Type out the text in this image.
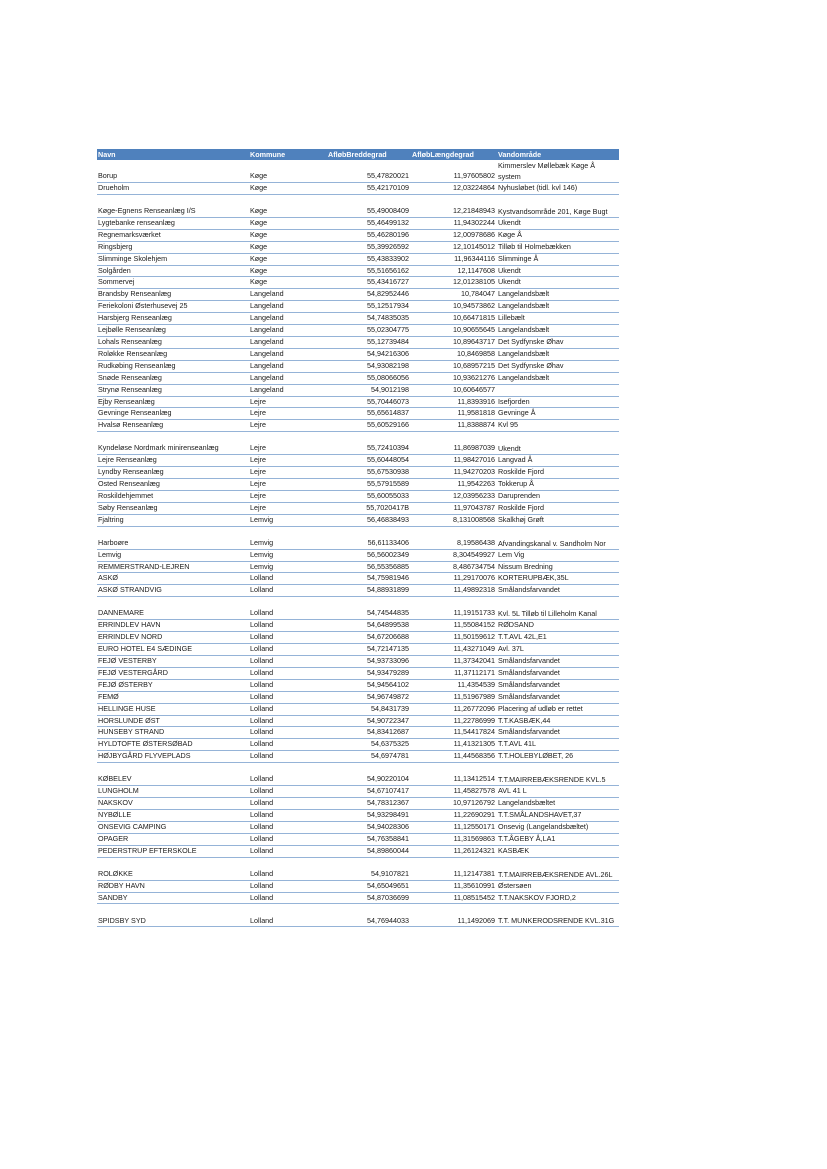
Navn	Kommune	AfløbBreddegrad	AfløbLængdegrad	Vandområde
Borup	Køge	55,47820021	11,97605802	Kimmerslev Møllebæk Køge Å system
Drueholm	Køge	55,42170109	12,03224864	Nyhusløbet (tidl. kvl 146)
Køge-Egnens Renseanlæg I/S	Køge	55,49008409	12,21848943	Kystvandsområde 201, Køge Bugt
Lygtebanke renseanlæg	Køge	55,46499132	11,94302244	Ukendt
Regnemarksværket	Køge	55,46280196	12,00978686	Køge Å
Ringsbjerg	Køge	55,39926592	12,10145012	Tilløb til Holmebækken
Slimminge Skolehjem	Køge	55,43833902	11,96344116	Slimminge Å
Solgården	Køge	55,51656162	12,1147608	Ukendt
Sommervej	Køge	55,43416727	12,01238105	Ukendt
Brandsby Renseanlæg	Langeland	54,82952446	10,784047	Langelandsbælt
Feriekoloni Østerhusevej 25	Langeland	55,12517934	10,94573862	Langelandsbælt
Harsbjerg Renseanlæg	Langeland	54,74835035	10,66471815	Lillebælt
Lejbølle Renseanlæg	Langeland	55,02304775	10,90655645	Langelandsbælt
Lohals Renseanlæg	Langeland	55,12739484	10,89643717	Det Sydfynske Øhav
Roløkke Renseanlæg	Langeland	54,94216306	10,8469858	Langelandsbælt
Rudkøbing Renseanlæg	Langeland	54,93082198	10,68957215	Det Sydfynske Øhav
Snøde Renseanlæg	Langeland	55,08066056	10,93621276	Langelandsbælt
Strynø Renseanlæg	Langeland	54,9012198	10,60646577	
Ejby Renseanlæg	Lejre	55,70446073	11,8393916	Isefjorden
Gevninge Renseanlæg	Lejre	55,65614837	11,9581818	Gevninge Å
Hvalsø Renseanlæg	Lejre	55,60529166	11,8388874	Kvl 95
Kyndeløse Nordmark minirenseanlæg	Lejre	55,72410394	11,86987039	Ukendt
Lejre Renseanlæg	Lejre	55,60448054	11,98427016	Langvad Å
Lyndby Renseanlæg	Lejre	55,67530938	11,94270203	Roskilde Fjord
Osted Renseanlæg	Lejre	55,57915589	11,9542263	Tokkerup Å
Roskildehjemmet	Lejre	55,60055033	12,03956233	Daruprenden
Søby Renseanlæg	Lejre	55,7020417B	11,97043787	Roskilde Fjord
Fjaltring	Lemvig	56,46838493	8,131008568	Skalkhøj Grøft
Harboøre	Lemvig	56,61133406	8,19586438	Afvandingskanal v. Sandholm Nor
Lemvig	Lemvig	56,56002349	8,304549927	Lem Vig
REMMERSTRAND-LEJREN	Lemvig	56,55356885	8,486734754	Nissum Bredning
ASKØ	Lolland	54,75981946	11,29170076	KORTERUPBÆK,35L
ASKØ STRANDVIG	Lolland	54,88931899	11,49892318	Smålandsfarvandet
DANNEMARE	Lolland	54,74544835	11,19151733	Kvl. 5L Tilløb til Lilleholm Kanal
ERRINDLEV HAVN	Lolland	54,64899538	11,55084152	RØDSAND
ERRINDLEV NORD	Lolland	54,67206688	11,50159612	T.T.AVL 42L,E1
EURO HOTEL E4 SÆDINGE	Lolland	54,72147135	11,43271049	Avl. 37L
FEJØ VESTERBY	Lolland	54,93733096	11,37342041	Smålandsfarvandet
FEJØ VESTERGÅRD	Lolland	54,93479289	11,37112171	Smålandsfarvandet
FEJØ ØSTERBY	Lolland	54,94564102	11,4354539	Smålandsfarvandet
FEMØ	Lolland	54,96749872	11,51967989	Smålandsfarvandet
HELLINGE HUSE	Lolland	54,8431739	11,26772096	Placering af udløb er rettet
HORSLUNDE ØST	Lolland	54,90722347	11,22786999	T.T.KASBÆK,44
HUNSEBY STRAND	Lolland	54,83412687	11,54417824	Smålandsfarvandet
HYLDTOFTE ØSTERSØBAD	Lolland	54,6375325	11,41321305	T.T.AVL 41L
HØJBYGÅRD FLYVEPLADS	Lolland	54,6974781	11,44568356	T.T.HOLEBYLØBET, 26
KØBELEV	Lolland	54,90220104	11,13412514	T.T.MAIRREBÆKSRENDE KVL.5
LUNGHOLM	Lolland	54,67107417	11,45827578	AVL 41 L
NAKSKOV	Lolland	54,78312367	10,97126792	Langelandsbæltet
NYBØLLE	Lolland	54,93298491	11,22690291	T.T.SMÅLANDSHAVET,37
ONSEVIG CAMPING	Lolland	54,94028306	11,12550171	Onsevig (Langelandsbæltet)
OPAGER	Lolland	54,76358841	11,31569863	T.T.ÅGEBY Å,LA1
PEDERSTRUP EFTERSKOLE	Lolland	54,89860044	11,26124321	KASBÆK
ROLØKKE	Lolland	54,9107821	11,12147381	T.T.MAIRREBÆKSRENDE AVL.26L
RØDBY HAVN	Lolland	54,65049651	11,35610991	Østersøen
SANDBY	Lolland	54,87036699	11,08515452	T.T.NAKSKOV FJORD,2
SPIDSBY SYD	Lolland	54,76944033	11,1492069	T.T. MUNKERODSRENDE KVL.31G
